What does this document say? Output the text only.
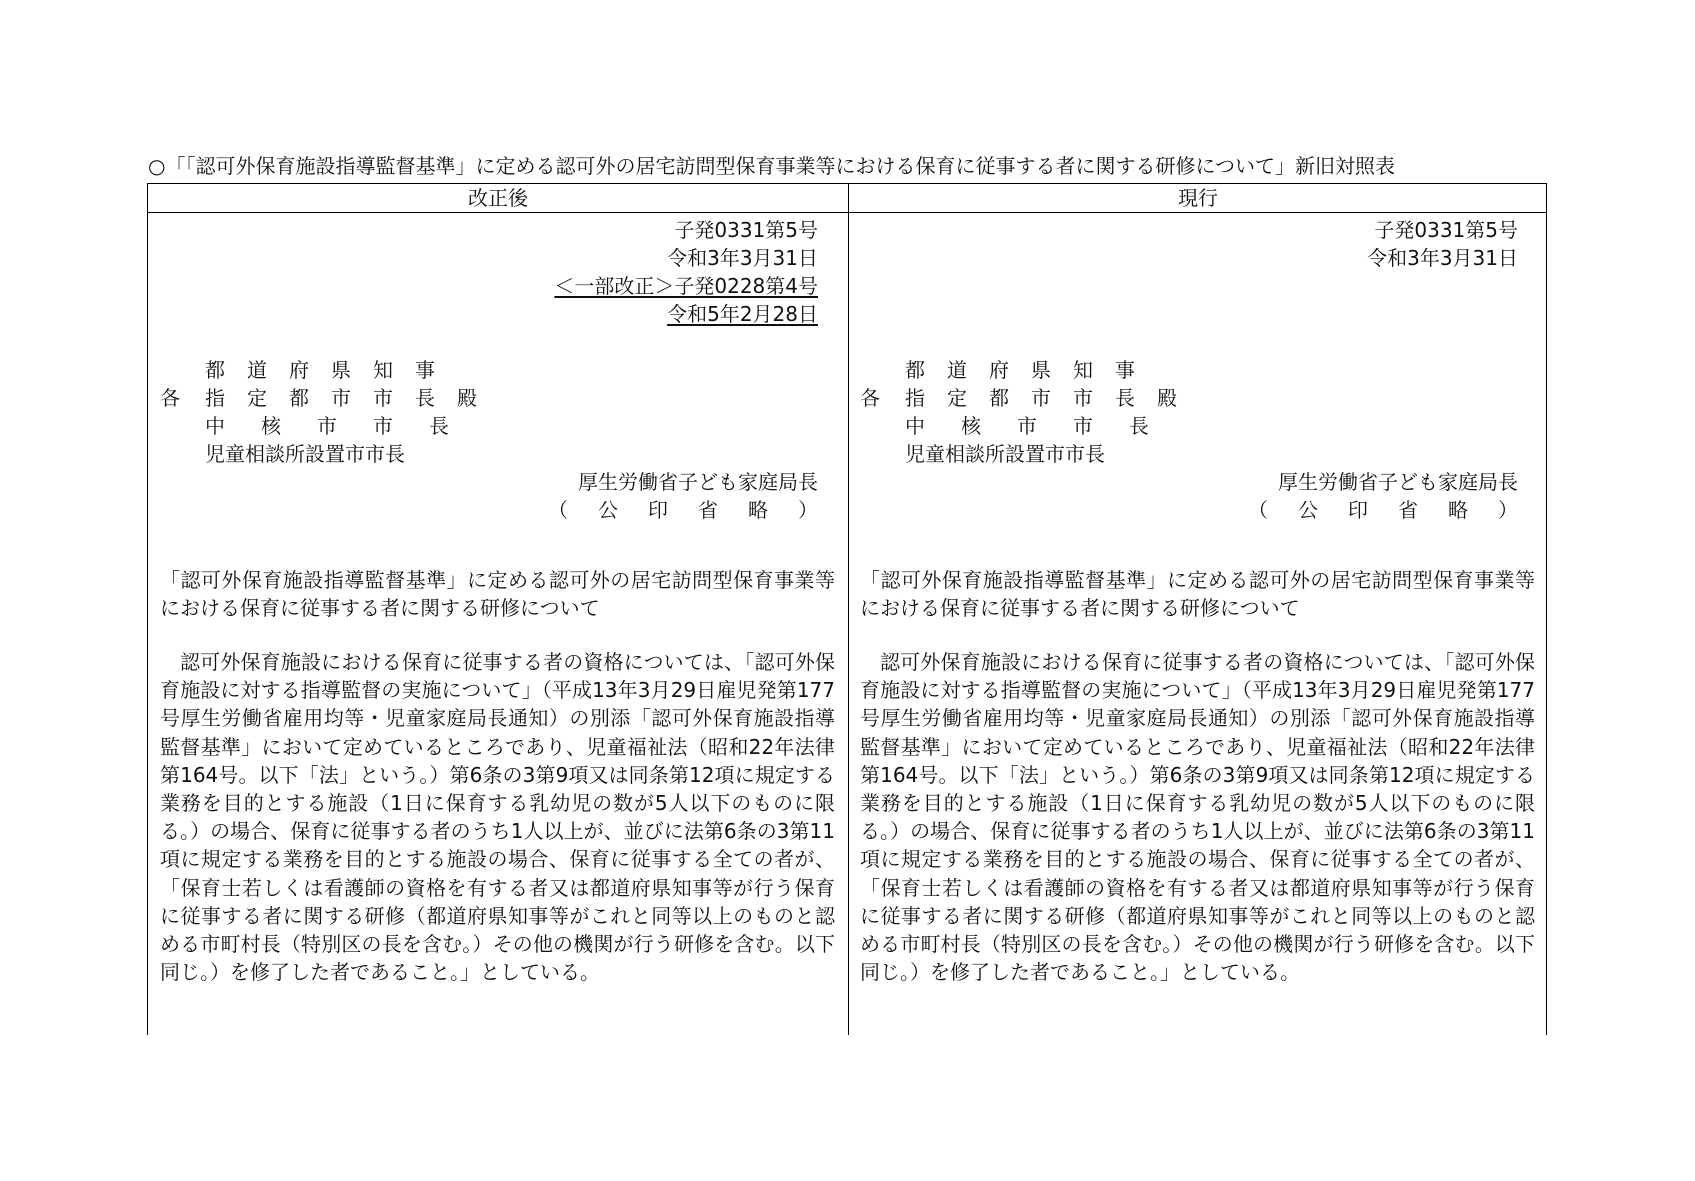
○「「認可外保育施設指導監督基準」に定める認可外の居宅訪問型保育事業等における保育に従事する者に関する研修について」新旧対照表
改正後	現行
子発0331第5号
令和3年3月31日
＜一部改正＞子発0228第4号
令和5年2月28日
都道府県知事
各 指定都市市長殿
中核市市長
児童相談所設置市市長
厚生労働省子ども家庭局長
（公印省略）
「認可外保育施設指導監督基準」に定める認可外の居宅訪問型保育事業等における保育に従事する者に関する研修について
認可外保育施設における保育に従事する者の資格については、「認可外保育施設に対する指導監督の実施について」（平成13年3月29日雇児発第177号厚生労働省雇用均等・児童家庭局長通知）の別添「認可外保育施設指導監督基準」において定めているところであり、児童福祉法（昭和22年法律第164号。以下「法」という。）第6条の3第9項又は同条第12項に規定する業務を目的とする施設（1日に保育する乳幼児の数が5人以下のものに限る。）の場合、保育に従事する者のうち1人以上が、並びに法第6条の3第11項に規定する業務を目的とする施設の場合、保育に従事する全ての者が、「保育士若しくは看護師の資格を有する者又は都道府県知事等が行う保育に従事する者に関する研修（都道府県知事等がこれと同等以上のものと認める市町村長（特別区の長を含む。）その他の機関が行う研修を含む。以下同じ。）を修了した者であること。」としている。
子発0331第5号
令和3年3月31日
都道府県知事
各 指定都市市長殿
中核市市長
児童相談所設置市市長
厚生労働省子ども家庭局長
（公印省略）
「認可外保育施設指導監督基準」に定める認可外の居宅訪問型保育事業等における保育に従事する者に関する研修について
認可外保育施設における保育に従事する者の資格については、「認可外保育施設に対する指導監督の実施について」（平成13年3月29日雇児発第177号厚生労働省雇用均等・児童家庭局長通知）の別添「認可外保育施設指導監督基準」において定めているところであり、児童福祉法（昭和22年法律第164号。以下「法」という。）第6条の3第9項又は同条第12項に規定する業務を目的とする施設（1日に保育する乳幼児の数が5人以下のものに限る。）の場合、保育に従事する者のうち1人以上が、並びに法第6条の3第11項に規定する業務を目的とする施設の場合、保育に従事する全ての者が、「保育士若しくは看護師の資格を有する者又は都道府県知事等が行う保育に従事する者に関する研修（都道府県知事等がこれと同等以上のものと認める市町村長（特別区の長を含む。）その他の機関が行う研修を含む。以下同じ。）を修了した者であること。」としている。
